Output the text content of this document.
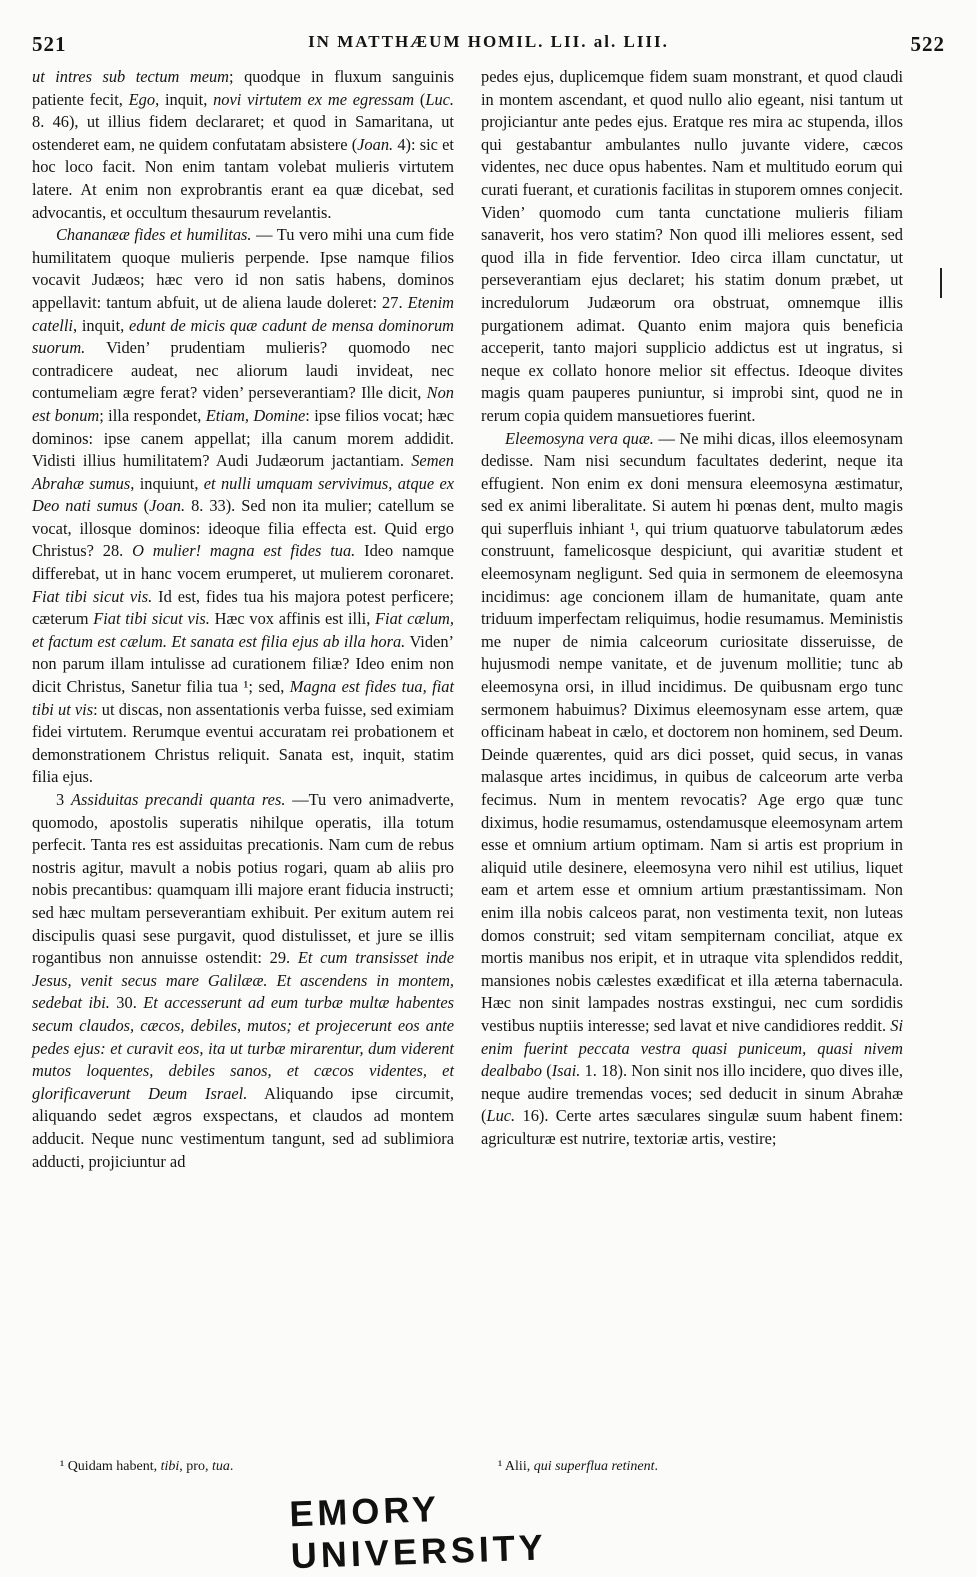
521	IN MATTHÆUM HOMIL. LII. al. LIII.	522

ut intres sub tectum meum; quodque in fluxum sanguinis patiente fecit, Ego, inquit, novi virtutem ex me egressam (Luc. 8. 46), ut illius fidem declararet; et quod in Samaritana, ut ostenderet eam, ne quidem confutatam absistere (Joan. 4): sic et hoc loco facit. Non enim tantam volebat mulieris virtutem latere. At enim non exprobrantis erant ea quæ dicebat, sed advocantis, et occultum thesaurum revelantis.

Chananææ fides et humilitas. — Tu vero mihi una cum fide humilitatem quoque mulieris perpende. Ipse namque filios vocavit Judæos; hæc vero id non satis habens, dominos appellavit: tantum abfuit, ut de aliena laude doleret: 27. Etenim catelli, inquit, edunt de micis quæ cadunt de mensa dominorum suorum. Viden’ prudentiam mulieris? quomodo nec contradicere audeat, nec aliorum laudi invideat, nec contumeliam ægre ferat? viden’ perseverantiam? Ille dicit, Non est bonum; illa respondet, Etiam, Domine: ipse filios vocat; hæc dominos: ipse canem appellat; illa canum morem addidit. Vidisti illius humilitatem? Audi Judæorum jactantiam. Semen Abrahæ sumus, inquiunt, et nulli umquam servivimus, atque ex Deo nati sumus (Joan. 8. 33). Sed non ita mulier; catellum se vocat, illosque dominos: ideoque filia effecta est. Quid ergo Christus? 28. O mulier! magna est fides tua. Ideo namque differebat, ut in hanc vocem erumperet, ut mulierem coronaret. Fiat tibi sicut vis. Id est, fides tua his majora potest perficere; cæterum Fiat tibi sicut vis. Hæc vox affinis est illi, Fiat cælum, et factum est cælum. Et sanata est filia ejus ab illa hora. Viden’ non parum illam intulisse ad curationem filiæ? Ideo enim non dicit Christus, Sanetur filia tua ¹; sed, Magna est fides tua, fiat tibi ut vis: ut discas, non assentationis verba fuisse, sed eximiam fidei virtutem. Rerumque eventui accuratam rei probationem et demonstrationem Christus reliquit. Sanata est, inquit, statim filia ejus.

3 Assiduitas precandi quanta res. —Tu vero animadverte, quomodo, apostolis superatis nihilque operatis, illa totum perfecit. Tanta res est assiduitas precationis. Nam cum de rebus nostris agitur, mavult a nobis potius rogari, quam ab aliis pro nobis precantibus: quamquam illi majore erant fiducia instructi; sed hæc multam perseverantiam exhibuit. Per exitum autem rei discipulis quasi sese purgavit, quod distulisset, et jure se illis rogantibus non annuisse ostendit: 29. Et cum transisset inde Jesus, venit secus mare Galilææ. Et ascendens in montem, sedebat ibi. 30. Et accesserunt ad eum turbæ multæ habentes secum claudos, cæcos, debiles, mutos; et projecerunt eos ante pedes ejus: et curavit eos, ita ut turbæ mirarentur, dum viderent mutos loquentes, debiles sanos, et cæcos videntes, et glorificaverunt Deum Israel. Aliquando ipse circumit, aliquando sedet ægros exspectans, et claudos ad montem adducit. Neque nunc vestimentum tangunt, sed ad sublimiora adducti, projiciuntur ad

pedes ejus, duplicemque fidem suam monstrant, et quod claudi in montem ascendant, et quod nullo alio egeant, nisi tantum ut projiciantur ante pedes ejus. Eratque res mira ac stupenda, illos qui gestabantur ambulantes nullo juvante videre, cæcos videntes, nec duce opus habentes. Nam et multitudo eorum qui curati fuerant, et curationis facilitas in stuporem omnes conjecit. Viden’ quomodo cum tanta cunctatione mulieris filiam sanaverit, hos vero statim? Non quod illi meliores essent, sed quod illa in fide ferventior. Ideo circa illam cunctatur, ut perseverantiam ejus declaret; his statim donum præbet, ut incredulorum Judæorum ora obstruat, omnemque illis purgationem adimat. Quanto enim majora quis beneficia acceperit, tanto majori supplicio addictus est ut ingratus, si neque ex collato honore melior sit effectus. Ideoque divites magis quam pauperes puniuntur, si improbi sint, quod ne in rerum copia quidem mansuetiores fuerint.

Eleemosyna vera quæ. — Ne mihi dicas, illos eleemosynam dedisse. Nam nisi secundum facultates dederint, neque ita effugient. Non enim ex doni mensura eleemosyna æstimatur, sed ex animi liberalitate. Si autem hi pœnas dent, multo magis qui superfluis inhiant ¹, qui trium quatuorve tabulatorum ædes construunt, famelicosque despiciunt, qui avaritiæ student et eleemosynam negligunt. Sed quia in sermonem de eleemosyna incidimus: age concionem illam de humanitate, quam ante triduum imperfectam reliquimus, hodie resumamus. Meministis me nuper de nimia calceorum curiositate disseruisse, de hujusmodi nempe vanitate, et de juvenum mollitie; tunc ab eleemosyna orsi, in illud incidimus. De quibusnam ergo tunc sermonem habuimus? Diximus eleemosynam esse artem, quæ officinam habeat in cælo, et doctorem non hominem, sed Deum. Deinde quærentes, quid ars dici posset, quid secus, in vanas malasque artes incidimus, in quibus de calceorum arte verba fecimus. Num in mentem revocatis? Age ergo quæ tunc diximus, hodie resumamus, ostendamusque eleemosynam artem esse et omnium artium optimam. Nam si artis est proprium in aliquid utile desinere, eleemosyna vero nihil est utilius, liquet eam et artem esse et omnium artium præstantissimam. Non enim illa nobis calceos parat, non vestimenta texit, non luteas domos construit; sed vitam sempiternam conciliat, atque ex mortis manibus nos eripit, et in utraque vita splendidos reddit, mansiones nobis cælestes exædificat et illa æterna tabernacula. Hæc non sinit lampades nostras exstingui, nec cum sordidis vestibus nuptiis interesse; sed lavat et nive candidiores reddit. Si enim fuerint peccata vestra quasi puniceum, quasi nivem dealbabo (Isai. 1. 18). Non sinit nos illo incidere, quo dives ille, neque audire tremendas voces; sed deducit in sinum Abrahæ (Luc. 16). Certe artes sæculares singulæ suum habent finem: agriculturæ est nutrire, textoriæ artis, vestire;

¹ Quidam habent, tibi, pro, tua.	¹ Alii, qui superflua retinent.
EMORY UNIVERSITY
